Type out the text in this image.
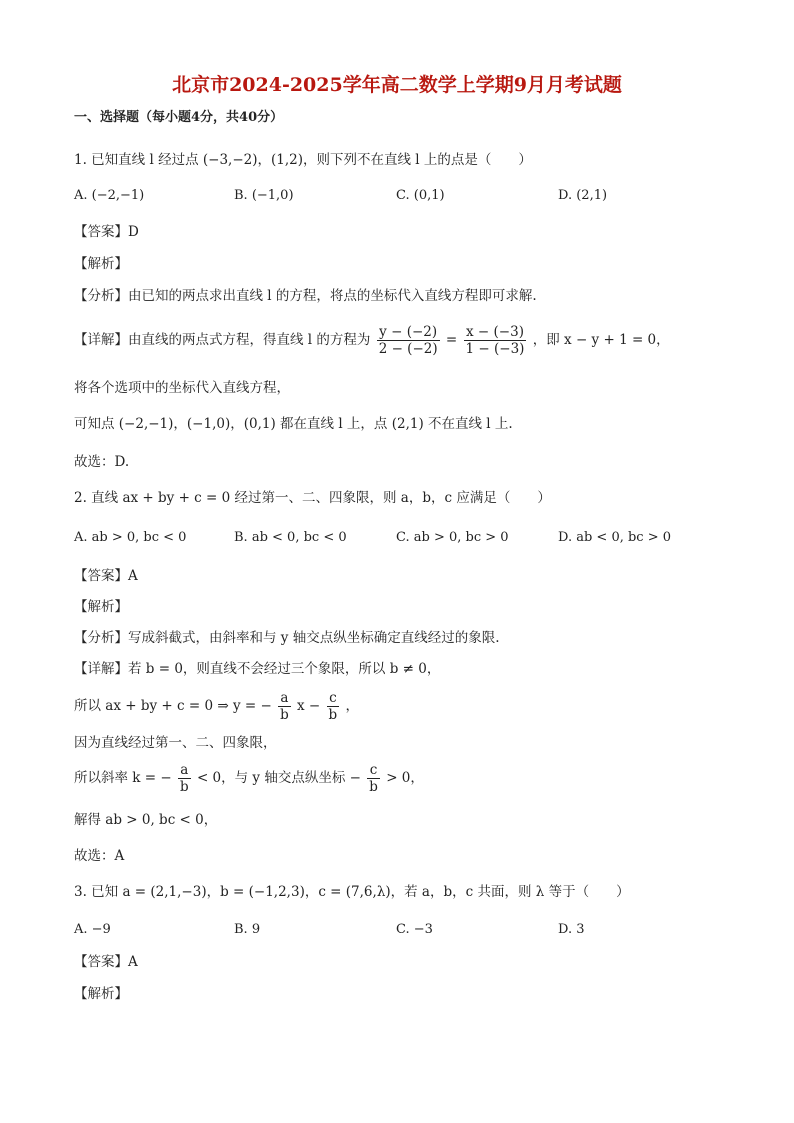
北京市2024-2025学年高二数学上学期9月月考试题
一、选择题（每小题4分，共40分）
1. 已知直线 l 经过点 (−3,−2)，(1,2)，则下列不在直线 l 上的点是（　　）
A. (−2,−1)	B. (−1,0)	C. (0,1)	D. (2,1)
【答案】D
【解析】
【分析】由已知的两点求出直线 l 的方程，将点的坐标代入直线方程即可求解.
【详解】由直线的两点式方程，得直线 l 的方程为 $\frac{y - (-2)}{2 - (-2)} = \frac{x - (-3)}{1 - (-3)}$ ，即 x − y + 1 = 0，
将各个选项中的坐标代入直线方程，
可知点 (−2,−1)，(−1,0)，(0,1) 都在直线 l 上，点 (2,1) 不在直线 l 上.
故选：D.
2. 直线 ax + by + c = 0 经过第一、二、四象限，则 a，b，c 应满足（　　）
A. ab > 0, bc < 0	B. ab < 0, bc < 0	C. ab > 0, bc > 0	D. ab < 0, bc > 0
【答案】A
【解析】
【分析】写成斜截式，由斜率和与 y 轴交点纵坐标确定直线经过的象限.
【详解】若 b = 0，则直线不会经过三个象限，所以 b ≠ 0，
所以 ax + by + c = 0 ⇒ y = − $\frac{a}{b}$ $x - \frac{c}{b}$ ，
因为直线经过第一、二、四象限，
所以斜率 k = − $\frac{a}{b} < 0$，与 y 轴交点纵坐标 − $\frac{c}{b} > 0$，
解得 ab > 0, bc < 0，
故选：A
3. 已知 a = (2,1,−3)，b = (−1,2,3)，c = (7,6,λ)，若 a，b，c 共面，则 λ 等于（　　）
A. −9	B. 9	C. −3	D. 3
【答案】A
【解析】
